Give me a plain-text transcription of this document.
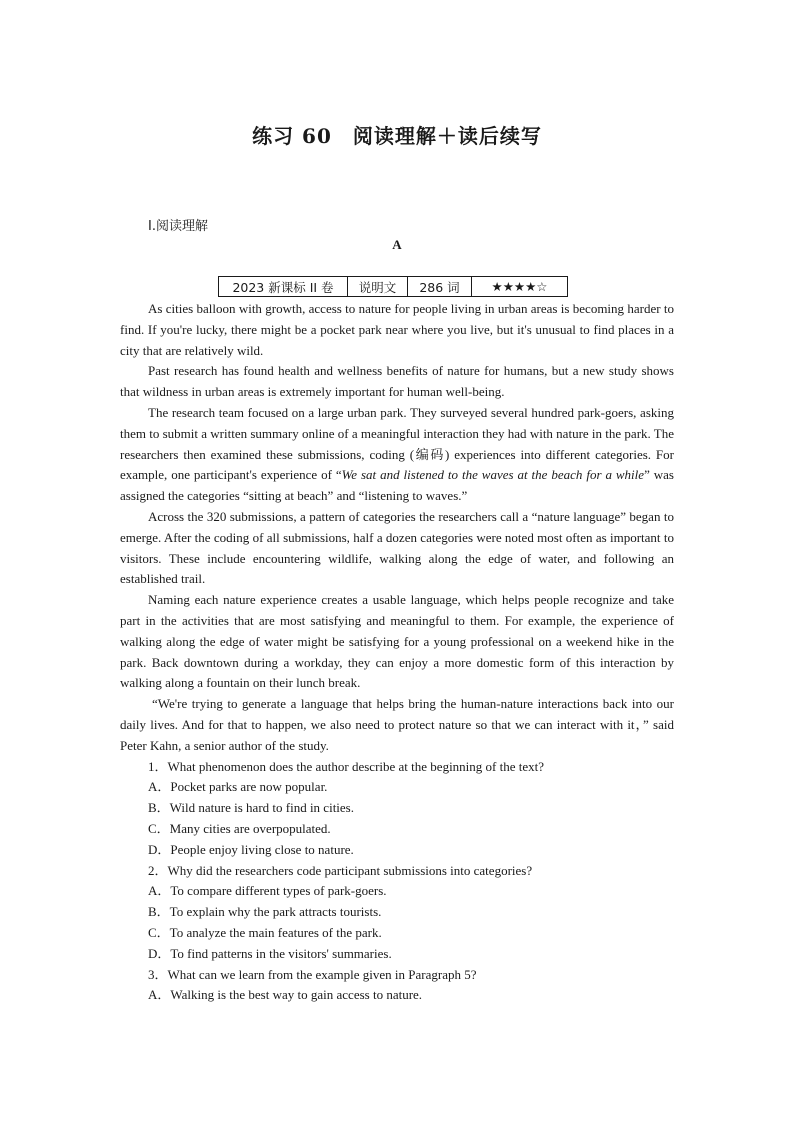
练习 60　阅读理解＋读后续写
Ⅰ.阅读理解
A
2023 新课标 II 卷	说明文	286 词	★★★★☆

As cities balloon with growth, access to nature for people living in urban areas is becoming harder to find. If you're lucky, there might be a pocket park near where you live, but it's unusual to find places in a city that are relatively wild.

Past research has found health and wellness benefits of nature for humans, but a new study shows that wildness in urban areas is extremely important for human well-being.

The research team focused on a large urban park. They surveyed several hundred park-goers, asking them to submit a written summary online of a meaningful interaction they had with nature in the park. The researchers then examined these submissions, coding (编码) experiences into different categories. For example, one participant's experience of “We sat and listened to the waves at the beach for a while” was assigned the categories “sitting at beach” and “listening to waves.”

Across the 320 submissions, a pattern of categories the researchers call a “nature language” began to emerge. After the coding of all submissions, half a dozen categories were noted most often as important to visitors. These include encountering wildlife, walking along the edge of water, and following an established trail.

Naming each nature experience creates a usable language, which helps people recognize and take part in the activities that are most satisfying and meaningful to them. For example, the experience of walking along the edge of water might be satisfying for a young professional on a weekend hike in the park. Back downtown during a workday, they can enjoy a more domestic form of this interaction by walking along a fountain on their lunch break.

“We're trying to generate a language that helps bring the human-nature interactions back into our daily lives. And for that to happen, we also need to protect nature so that we can interact with it，” said Peter Kahn, a senior author of the study.

1．What phenomenon does the author describe at the beginning of the text?
A．Pocket parks are now popular.
B．Wild nature is hard to find in cities.
C．Many cities are overpopulated.
D．People enjoy living close to nature.
2．Why did the researchers code participant submissions into categories?
A．To compare different types of park-goers.
B．To explain why the park attracts tourists.
C．To analyze the main features of the park.
D．To find patterns in the visitors' summaries.
3．What can we learn from the example given in Paragraph 5?
A．Walking is the best way to gain access to nature.
